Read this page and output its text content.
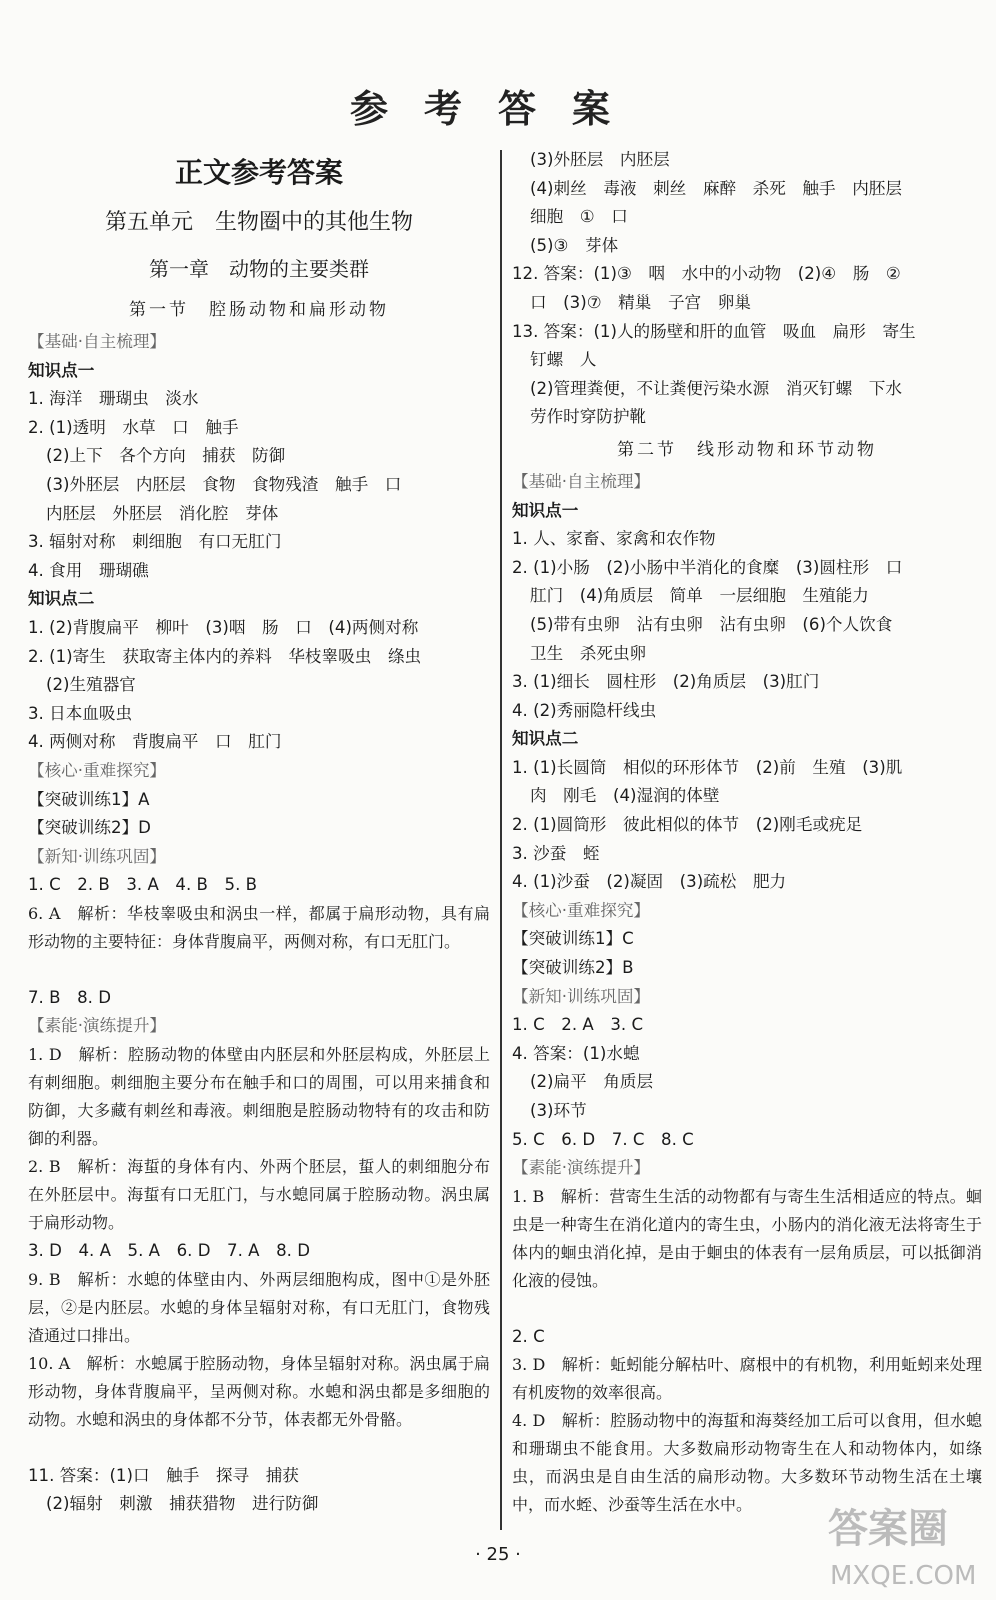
参考答案
正文参考答案
第五单元　生物圈中的其他生物
第一章　动物的主要类群
第一节　腔肠动物和扁形动物
【基础·自主梳理】
知识点一
1. 海洋　珊瑚虫　淡水
2. (1)透明　水草　口　触手
(2)上下　各个方向　捕获　防御
(3)外胚层　内胚层　食物　食物残渣　触手　口
内胚层　外胚层　消化腔　芽体
3. 辐射对称　刺细胞　有口无肛门
4. 食用　珊瑚礁
知识点二
1. (2)背腹扁平　柳叶　(3)咽　肠　口　(4)两侧对称
2. (1)寄生　获取寄主体内的养料　华枝睾吸虫　绦虫
(2)生殖器官
3. 日本血吸虫
4. 两侧对称　背腹扁平　口　肛门
【核心·重难探究】
【突破训练1】A
【突破训练2】D
【新知·训练巩固】
1. C　2. B　3. A　4. B　5. B
6. A　解析：华枝睾吸虫和涡虫一样，都属于扁形动物，具有扁形动物的主要特征：身体背腹扁平，两侧对称，有口无肛门。
7. B　8. D
【素能·演练提升】
1. D　解析：腔肠动物的体壁由内胚层和外胚层构成，外胚层上有刺细胞。刺细胞主要分布在触手和口的周围，可以用来捕食和防御，大多藏有刺丝和毒液。刺细胞是腔肠动物特有的攻击和防御的利器。
2. B　解析：海蜇的身体有内、外两个胚层，蜇人的刺细胞分布在外胚层中。海蜇有口无肛门，与水螅同属于腔肠动物。涡虫属于扁形动物。
3. D　4. A　5. A　6. D　7. A　8. D
9. B　解析：水螅的体壁由内、外两层细胞构成，图中①是外胚层，②是内胚层。水螅的身体呈辐射对称，有口无肛门，食物残渣通过口排出。
10. A　解析：水螅属于腔肠动物，身体呈辐射对称。涡虫属于扁形动物，身体背腹扁平，呈两侧对称。水螅和涡虫都是多细胞的动物。水螅和涡虫的身体都不分节，体表都无外骨骼。
11. 答案：(1)口　触手　探寻　捕获
(2)辐射　刺激　捕获猎物　进行防御
(3)外胚层　内胚层
(4)刺丝　毒液　刺丝　麻醉　杀死　触手　内胚层
细胞　①　口
(5)③　芽体
12. 答案：(1)③　咽　水中的小动物　(2)④　肠　②
口　(3)⑦　精巢　子宫　卵巢
13. 答案：(1)人的肠壁和肝的血管　吸血　扁形　寄生
钉螺　人
(2)管理粪便，不让粪便污染水源　消灭钉螺　下水
劳作时穿防护靴
第二节　线形动物和环节动物
【基础·自主梳理】
知识点一
1. 人、家畜、家禽和农作物
2. (1)小肠　(2)小肠中半消化的食糜　(3)圆柱形　口
肛门　(4)角质层　简单　一层细胞　生殖能力
(5)带有虫卵　沾有虫卵　沾有虫卵　(6)个人饮食
卫生　杀死虫卵
3. (1)细长　圆柱形　(2)角质层　(3)肛门
4. (2)秀丽隐杆线虫
知识点二
1. (1)长圆筒　相似的环形体节　(2)前　生殖　(3)肌
肉　刚毛　(4)湿润的体壁
2. (1)圆筒形　彼此相似的体节　(2)刚毛或疣足
3. 沙蚕　蛭
4. (1)沙蚕　(2)凝固　(3)疏松　肥力
【核心·重难探究】
【突破训练1】C
【突破训练2】B
【新知·训练巩固】
1. C　2. A　3. C
4. 答案：(1)水螅
(2)扁平　角质层
(3)环节
5. C　6. D　7. C　8. C
【素能·演练提升】
1. B　解析：营寄生生活的动物都有与寄生生活相适应的特点。蛔虫是一种寄生在消化道内的寄生虫，小肠内的消化液无法将寄生于体内的蛔虫消化掉，是由于蛔虫的体表有一层角质层，可以抵御消化液的侵蚀。
2. C
3. D　解析：蚯蚓能分解枯叶、腐根中的有机物，利用蚯蚓来处理有机废物的效率很高。
4. D　解析：腔肠动物中的海蜇和海葵经加工后可以食用，但水螅和珊瑚虫不能食用。大多数扁形动物寄生在人和动物体内，如绦虫，而涡虫是自由生活的扁形动物。大多数环节动物生活在土壤中，而水蛭、沙蚕等生活在水中。
· 25 ·
答案圈
MXQE.COM
